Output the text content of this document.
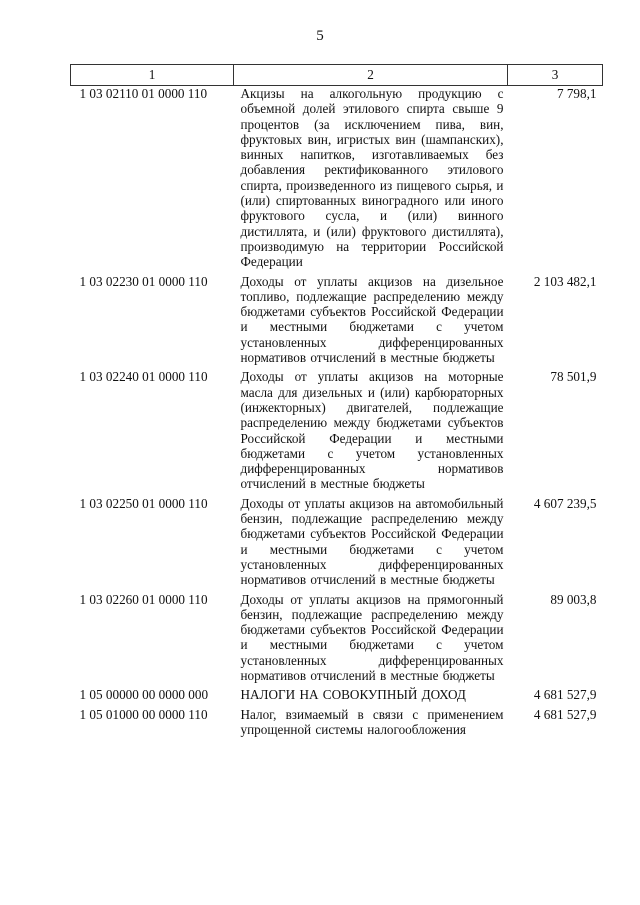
5
1	2	3
1 03 02110 01 0000 110	Акцизы на алкогольную продукцию с объемной долей этилового спирта свыше 9 процентов (за исключением пива, вин, фруктовых вин, игристых вин (шампанских), винных напитков, изготавливаемых без добавления ректификованного этилового спирта, произведенного из пищевого сырья, и (или) спиртованных виноградного или иного фруктового сусла, и (или) винного дистиллята, и (или) фруктового дистиллята), производимую на территории Российской Федерации	7 798,1
1 03 02230 01 0000 110	Доходы от уплаты акцизов на дизельное топливо, подлежащие распределению между бюджетами субъектов Российской Федерации и местными бюджетами с учетом установленных дифференцированных нормативов отчислений в местные бюджеты	2 103 482,1
1 03 02240 01 0000 110	Доходы от уплаты акцизов на моторные масла для дизельных и (или) карбюраторных (инжекторных) двигателей, подлежащие распределению между бюджетами субъектов Российской Федерации и местными бюджетами с учетом установленных дифференцированных нормативов отчислений в местные бюджеты	78 501,9
1 03 02250 01 0000 110	Доходы от уплаты акцизов на автомобильный бензин, подлежащие распределению между бюджетами субъектов Российской Федерации и местными бюджетами с учетом установленных дифференцированных нормативов отчислений в местные бюджеты	4 607 239,5
1 03 02260 01 0000 110	Доходы от уплаты акцизов на прямогонный бензин, подлежащие распределению между бюджетами субъектов Российской Федерации и местными бюджетами с учетом установленных дифференцированных нормативов отчислений в местные бюджеты	89 003,8
1 05 00000 00 0000 000	НАЛОГИ НА СОВОКУПНЫЙ ДОХОД	4 681 527,9
1 05 01000 00 0000 110	Налог, взимаемый в связи с применением упрощенной системы налогообложения	4 681 527,9
